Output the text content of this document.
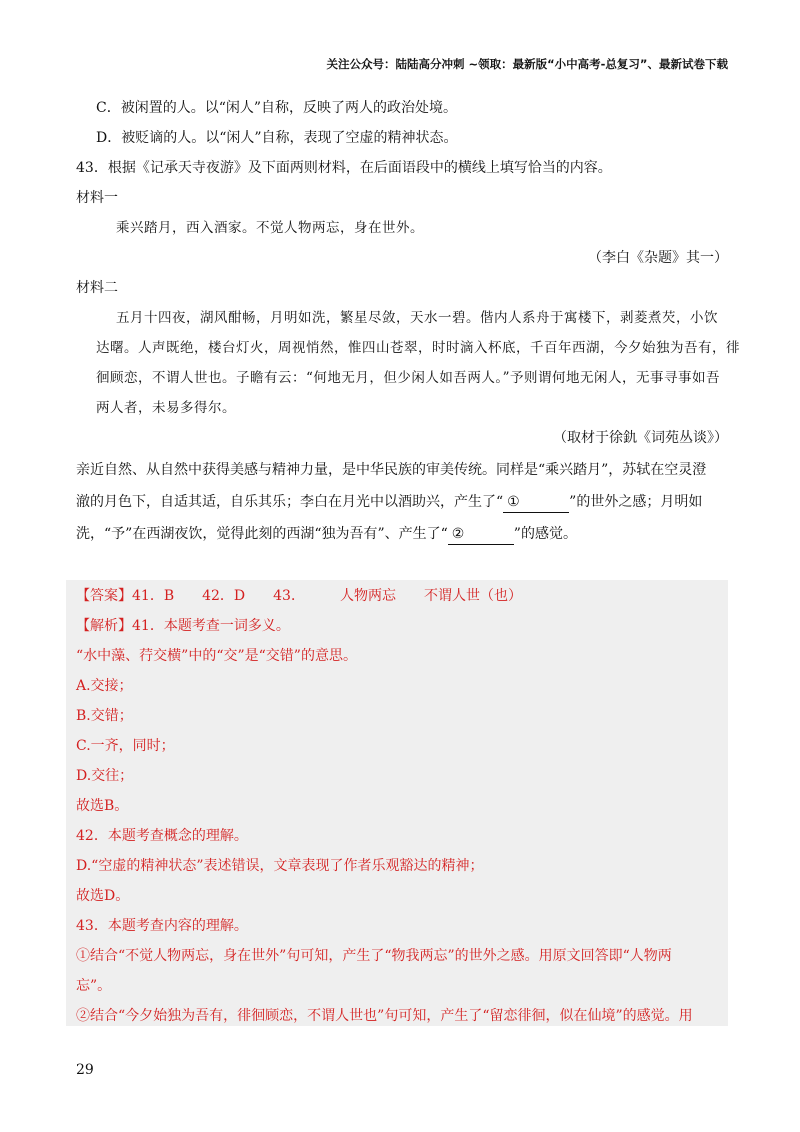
关注公众号：陆陆高分冲刺 ~领取：最新版“小中高考-总复习”、最新试卷下载
C．被闲置的人。以“闲人”自称，反映了两人的政治处境。
D．被贬谪的人。以“闲人”自称，表现了空虚的精神状态。
43．根据《记承天寺夜游》及下面两则材料，在后面语段中的横线上填写恰当的内容。
材料一
乘兴踏月，西入酒家。不觉人物两忘，身在世外。
（李白《杂题》其一）
材料二
五月十四夜，湖风酣畅，月明如洗，繁星尽敛，天水一碧。偕内人系舟于寓楼下，剥菱煮芡，小饮
达曙。人声既绝，楼台灯火，周视悄然，惟四山苍翠，时时滴入杯底，千百年西湖，今夕始独为吾有，徘
徊顾恋，不谓人世也。子瞻有云：“何地无月，但少闲人如吾两人。”予则谓何地无闲人，无事寻事如吾
两人者，未易多得尔。
（取材于徐釚《词苑丛谈》）
亲近自然、从自然中获得美感与精神力量，是中华民族的审美传统。同样是“乘兴踏月”，苏轼在空灵澄
澈的月色下，自适其适，自乐其乐；李白在月光中以酒助兴，产生了“ ①	”的世外之感；月明如
洗，“予”在西湖夜饮，觉得此刻的西湖“独为吾有”、产生了“ ②	”的感觉。
【答案】41．B　　42．D　　43．　　　人物两忘　　不谓人世（也）
【解析】41．本题考查一词多义。
“水中藻、荇交横”中的“交”是“交错”的意思。
A.交接；
B.交错；
C.一齐，同时；
D.交往；
故选B。
42．本题考查概念的理解。
D.“空虚的精神状态”表述错误，文章表现了作者乐观豁达的精神；
故选D。
43．本题考查内容的理解。
①结合“不觉人物两忘，身在世外”句可知，产生了“物我两忘”的世外之感。用原文回答即“人物两
忘”。
②结合“今夕始独为吾有，徘徊顾恋，不谓人世也”句可知，产生了“留恋徘徊，似在仙境”的感觉。用
29
